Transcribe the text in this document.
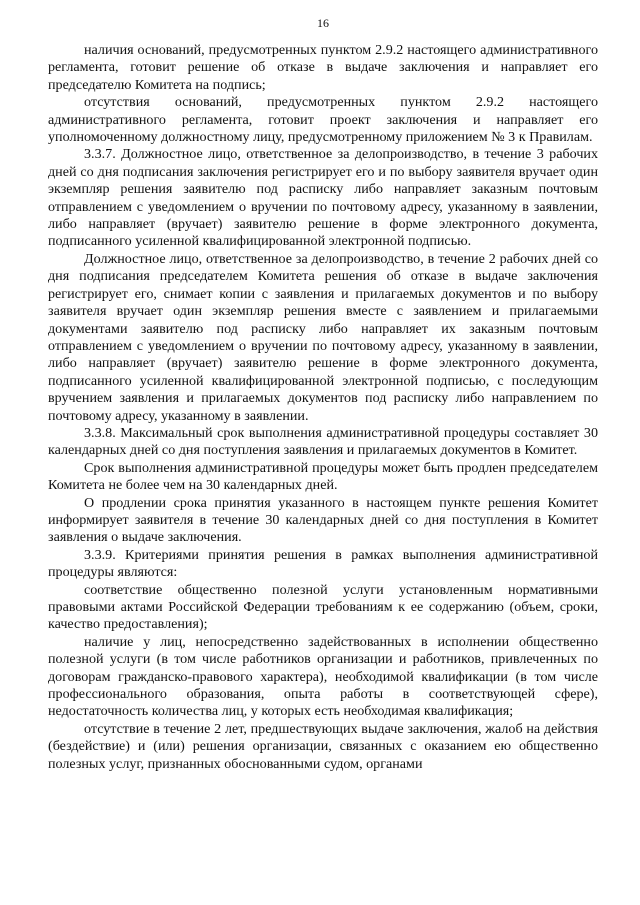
16

наличия оснований, предусмотренных пунктом 2.9.2 настоящего административного регламента, готовит решение об отказе в выдаче заключения и направляет его председателю Комитета на подпись;

отсутствия оснований, предусмотренных пунктом 2.9.2 настоящего административного регламента, готовит проект заключения и направляет его уполномоченному должностному лицу, предусмотренному приложением № 3 к Правилам.

3.3.7. Должностное лицо, ответственное за делопроизводство, в течение 3 рабочих дней со дня подписания заключения регистрирует его и по выбору заявителя вручает один экземпляр решения заявителю под расписку либо направляет заказным почтовым отправлением с уведомлением о вручении по почтовому адресу, указанному в заявлении, либо направляет (вручает) заявителю решение в форме электронного документа, подписанного усиленной квалифицированной электронной подписью.

Должностное лицо, ответственное за делопроизводство, в течение 2 рабочих дней со дня подписания председателем Комитета решения об отказе в выдаче заключения регистрирует его, снимает копии с заявления и прилагаемых документов и по выбору заявителя вручает один экземпляр решения вместе с заявлением и прилагаемыми документами заявителю под расписку либо направляет их заказным почтовым отправлением с уведомлением о вручении по почтовому адресу, указанному в заявлении, либо направляет (вручает) заявителю решение в форме электронного документа, подписанного усиленной квалифицированной электронной подписью, с последующим вручением заявления и прилагаемых документов под расписку либо направлением по почтовому адресу, указанному в заявлении.

3.3.8. Максимальный срок выполнения административной процедуры составляет 30 календарных дней со дня поступления заявления и прилагаемых документов в Комитет.

Срок выполнения административной процедуры может быть продлен председателем Комитета не более чем на 30 календарных дней.

О продлении срока принятия указанного в настоящем пункте решения Комитет информирует заявителя в течение 30 календарных дней со дня поступления в Комитет заявления о выдаче заключения.

3.3.9. Критериями принятия решения в рамках выполнения административной процедуры являются:

соответствие общественно полезной услуги установленным нормативными правовыми актами Российской Федерации требованиям к ее содержанию (объем, сроки, качество предоставления);

наличие у лиц, непосредственно задействованных в исполнении общественно полезной услуги (в том числе работников организации и работников, привлеченных по договорам гражданско-правового характера), необходимой квалификации (в том числе профессионального образования, опыта работы в соответствующей сфере), недостаточность количества лиц, у которых есть необходимая квалификация;

отсутствие в течение 2 лет, предшествующих выдаче заключения, жалоб на действия (бездействие) и (или) решения организации, связанных с оказанием ею общественно полезных услуг, признанных обоснованными судом, органами
